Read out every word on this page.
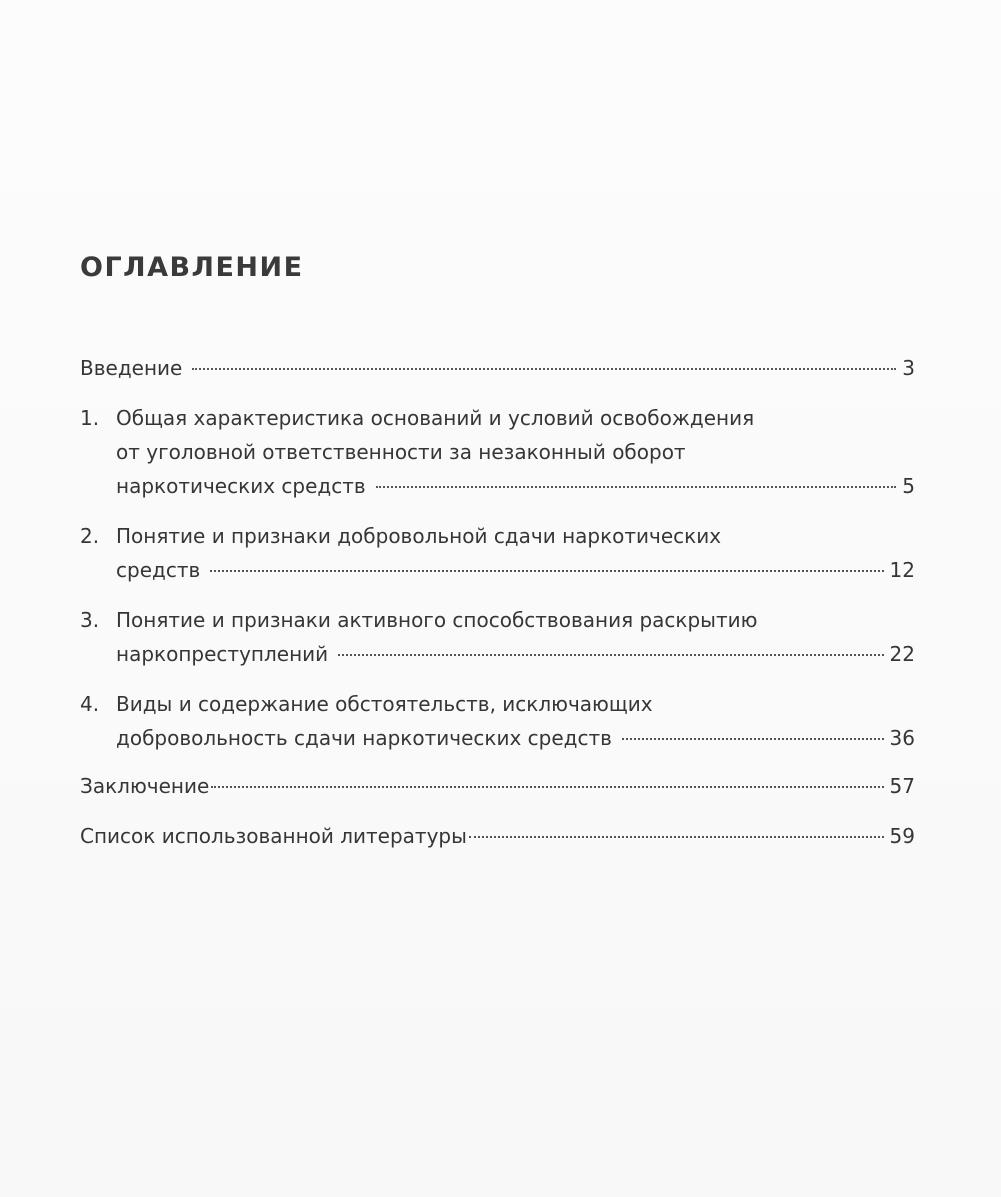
ОГЛАВЛЕНИЕ
Введение	3
1. Общая характеристика оснований и условий освобождения
от уголовной ответственности за незаконный оборот
наркотических средств	5
2. Понятие и признаки добровольной сдачи наркотических
средств	12
3. Понятие и признаки активного способствования раскрытию
наркопреступлений	22
4. Виды и содержание обстоятельств, исключающих
добровольность сдачи наркотических средств	36
Заключение	57
Список использованной литературы	59
